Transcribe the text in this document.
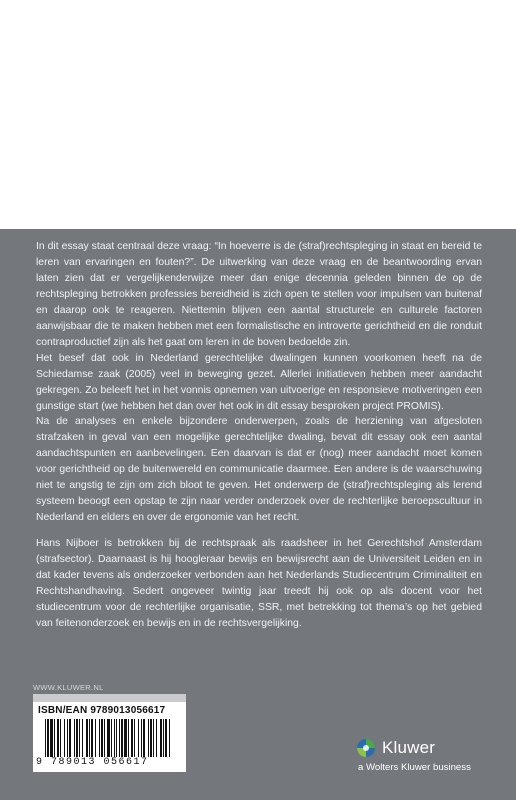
In dit essay staat centraal deze vraag: “In hoeverre is de (straf)rechtspleging in staat en bereid te leren van ervaringen en fouten?”. De uitwerking van deze vraag en de beantwoording ervan laten zien dat er vergelijkenderwijze meer dan enige decennia geleden binnen de op de rechtspleging betrokken professies bereidheid is zich open te stellen voor impulsen van buitenaf en daarop ook te reageren. Niettemin blijven een aantal structurele en culturele factoren aanwijsbaar die te maken hebben met een formalistische en introverte gerichtheid en die ronduit contraproductief zijn als het gaat om leren in de boven bedoelde zin.

Het besef dat ook in Nederland gerechtelijke dwalingen kunnen voorkomen heeft na de Schiedamse zaak (2005) veel in beweging gezet. Allerlei initiatieven hebben meer aandacht gekregen. Zo beleeft het in het vonnis opnemen van uitvoerige en responsieve motiveringen een gunstige start (we hebben het dan over het ook in dit essay besproken project PROMIS).

Na de analyses en enkele bijzondere onderwerpen, zoals de herziening van afgesloten strafzaken in geval van een mogelijke gerechtelijke dwaling, bevat dit essay ook een aantal aandachtspunten en aanbevelingen. Een daarvan is dat er (nog) meer aandacht moet komen voor gerichtheid op de buitenwereld en communicatie daarmee. Een andere is de waarschuwing niet te angstig te zijn om zich bloot te geven. Het onderwerp de (straf)rechtspleging als lerend systeem beoogt een opstap te zijn naar verder onderzoek over de rechterlijke beroepscultuur in Nederland en elders en over de ergonomie van het recht.

Hans Nijboer is betrokken bij de rechtspraak als raadsheer in het Gerechtshof Amsterdam (strafsector). Daarnaast is hij hoogleraar bewijs en bewijsrecht aan de Universiteit Leiden en in dat kader tevens als onderzoeker verbonden aan het Nederlands Studiecentrum Criminaliteit en Rechtshandhaving. Sedert ongeveer twintig jaar treedt hij ook op als docent voor het studiecentrum voor de rechterlijke organisatie, SSR, met betrekking tot thema’s op het gebied van feitenonderzoek en bewijs en in de rechtsvergelijking.

WWW.KLUWER.NL
ISBN/EAN 9789013056617
9 789013 056617
Kluwer
a Wolters Kluwer business
